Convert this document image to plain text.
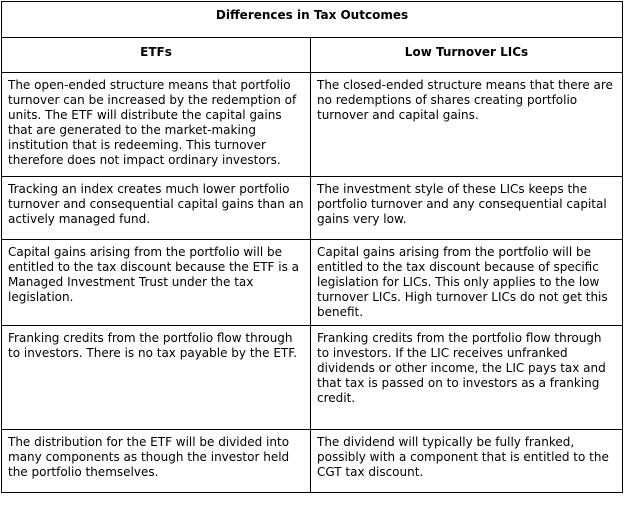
Differences in Tax Outcomes	
ETFs	Low Turnover LICs
The open-ended structure means that portfolio turnover can be increased by the redemption of units. The ETF will distribute the capital gains that are generated to the market-making institution that is redeeming. This turnover therefore does not impact ordinary investors.	The closed-ended structure means that there are no redemptions of shares creating portfolio turnover and capital gains.
Tracking an index creates much lower portfolio turnover and consequential capital gains than an actively managed fund.	The investment style of these LICs keeps the portfolio turnover and any consequential capital gains very low.
Capital gains arising from the portfolio will be entitled to the tax discount because the ETF is a Managed Investment Trust under the tax legislation.	Capital gains arising from the portfolio will be entitled to the tax discount because of specific legislation for LICs. This only applies to the low turnover LICs. High turnover LICs do not get this benefit.
Franking credits from the portfolio flow through to investors. There is no tax payable by the ETF.	Franking credits from the portfolio flow through to investors. If the LIC receives unfranked dividends or other income, the LIC pays tax and that tax is passed on to investors as a franking credit.
The distribution for the ETF will be divided into many components as though the investor held the portfolio themselves.	The dividend will typically be fully franked, possibly with a component that is entitled to the CGT tax discount.
